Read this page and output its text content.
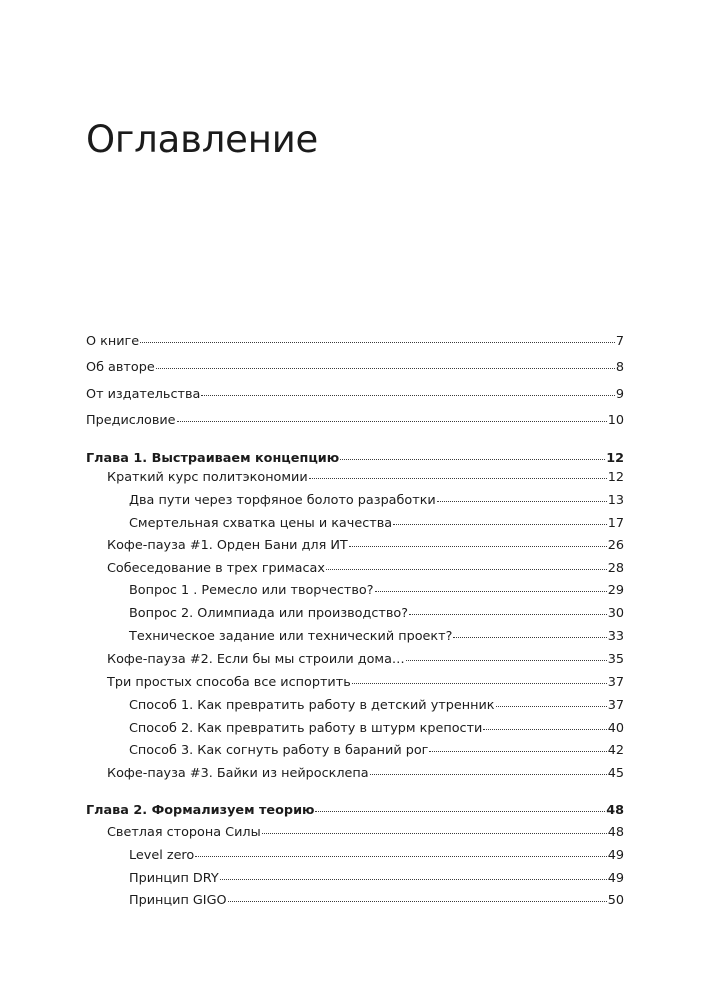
Оглавление
О книге	7
Об авторе	8
От издательства	9
Предисловие	10
Глава 1. Выстраиваем концепцию	12
Краткий курс политэкономии	12
Два пути через торфяное болото разработки	13
Смертельная схватка цены и качества	17
Кофе-пауза #1. Орден Бани для ИТ	26
Собеседование в трех гримасах	28
Вопрос 1 . Ремесло или творчество?	29
Вопрос 2. Олимпиада или производство?	30
Техническое задание или технический проект?	33
Кофе-пауза #2. Если бы мы строили дома…	35
Три простых способа все испортить	37
Способ 1. Как превратить работу в детский утренник	37
Способ 2. Как превратить работу в штурм крепости	40
Способ 3. Как согнуть работу в бараний рог	42
Кофе-пауза #3. Байки из нейросклепа	45
Глава 2. Формализуем теорию	48
Светлая сторона Силы	48
Level zero	49
Принцип DRY	49
Принцип GIGO	50
